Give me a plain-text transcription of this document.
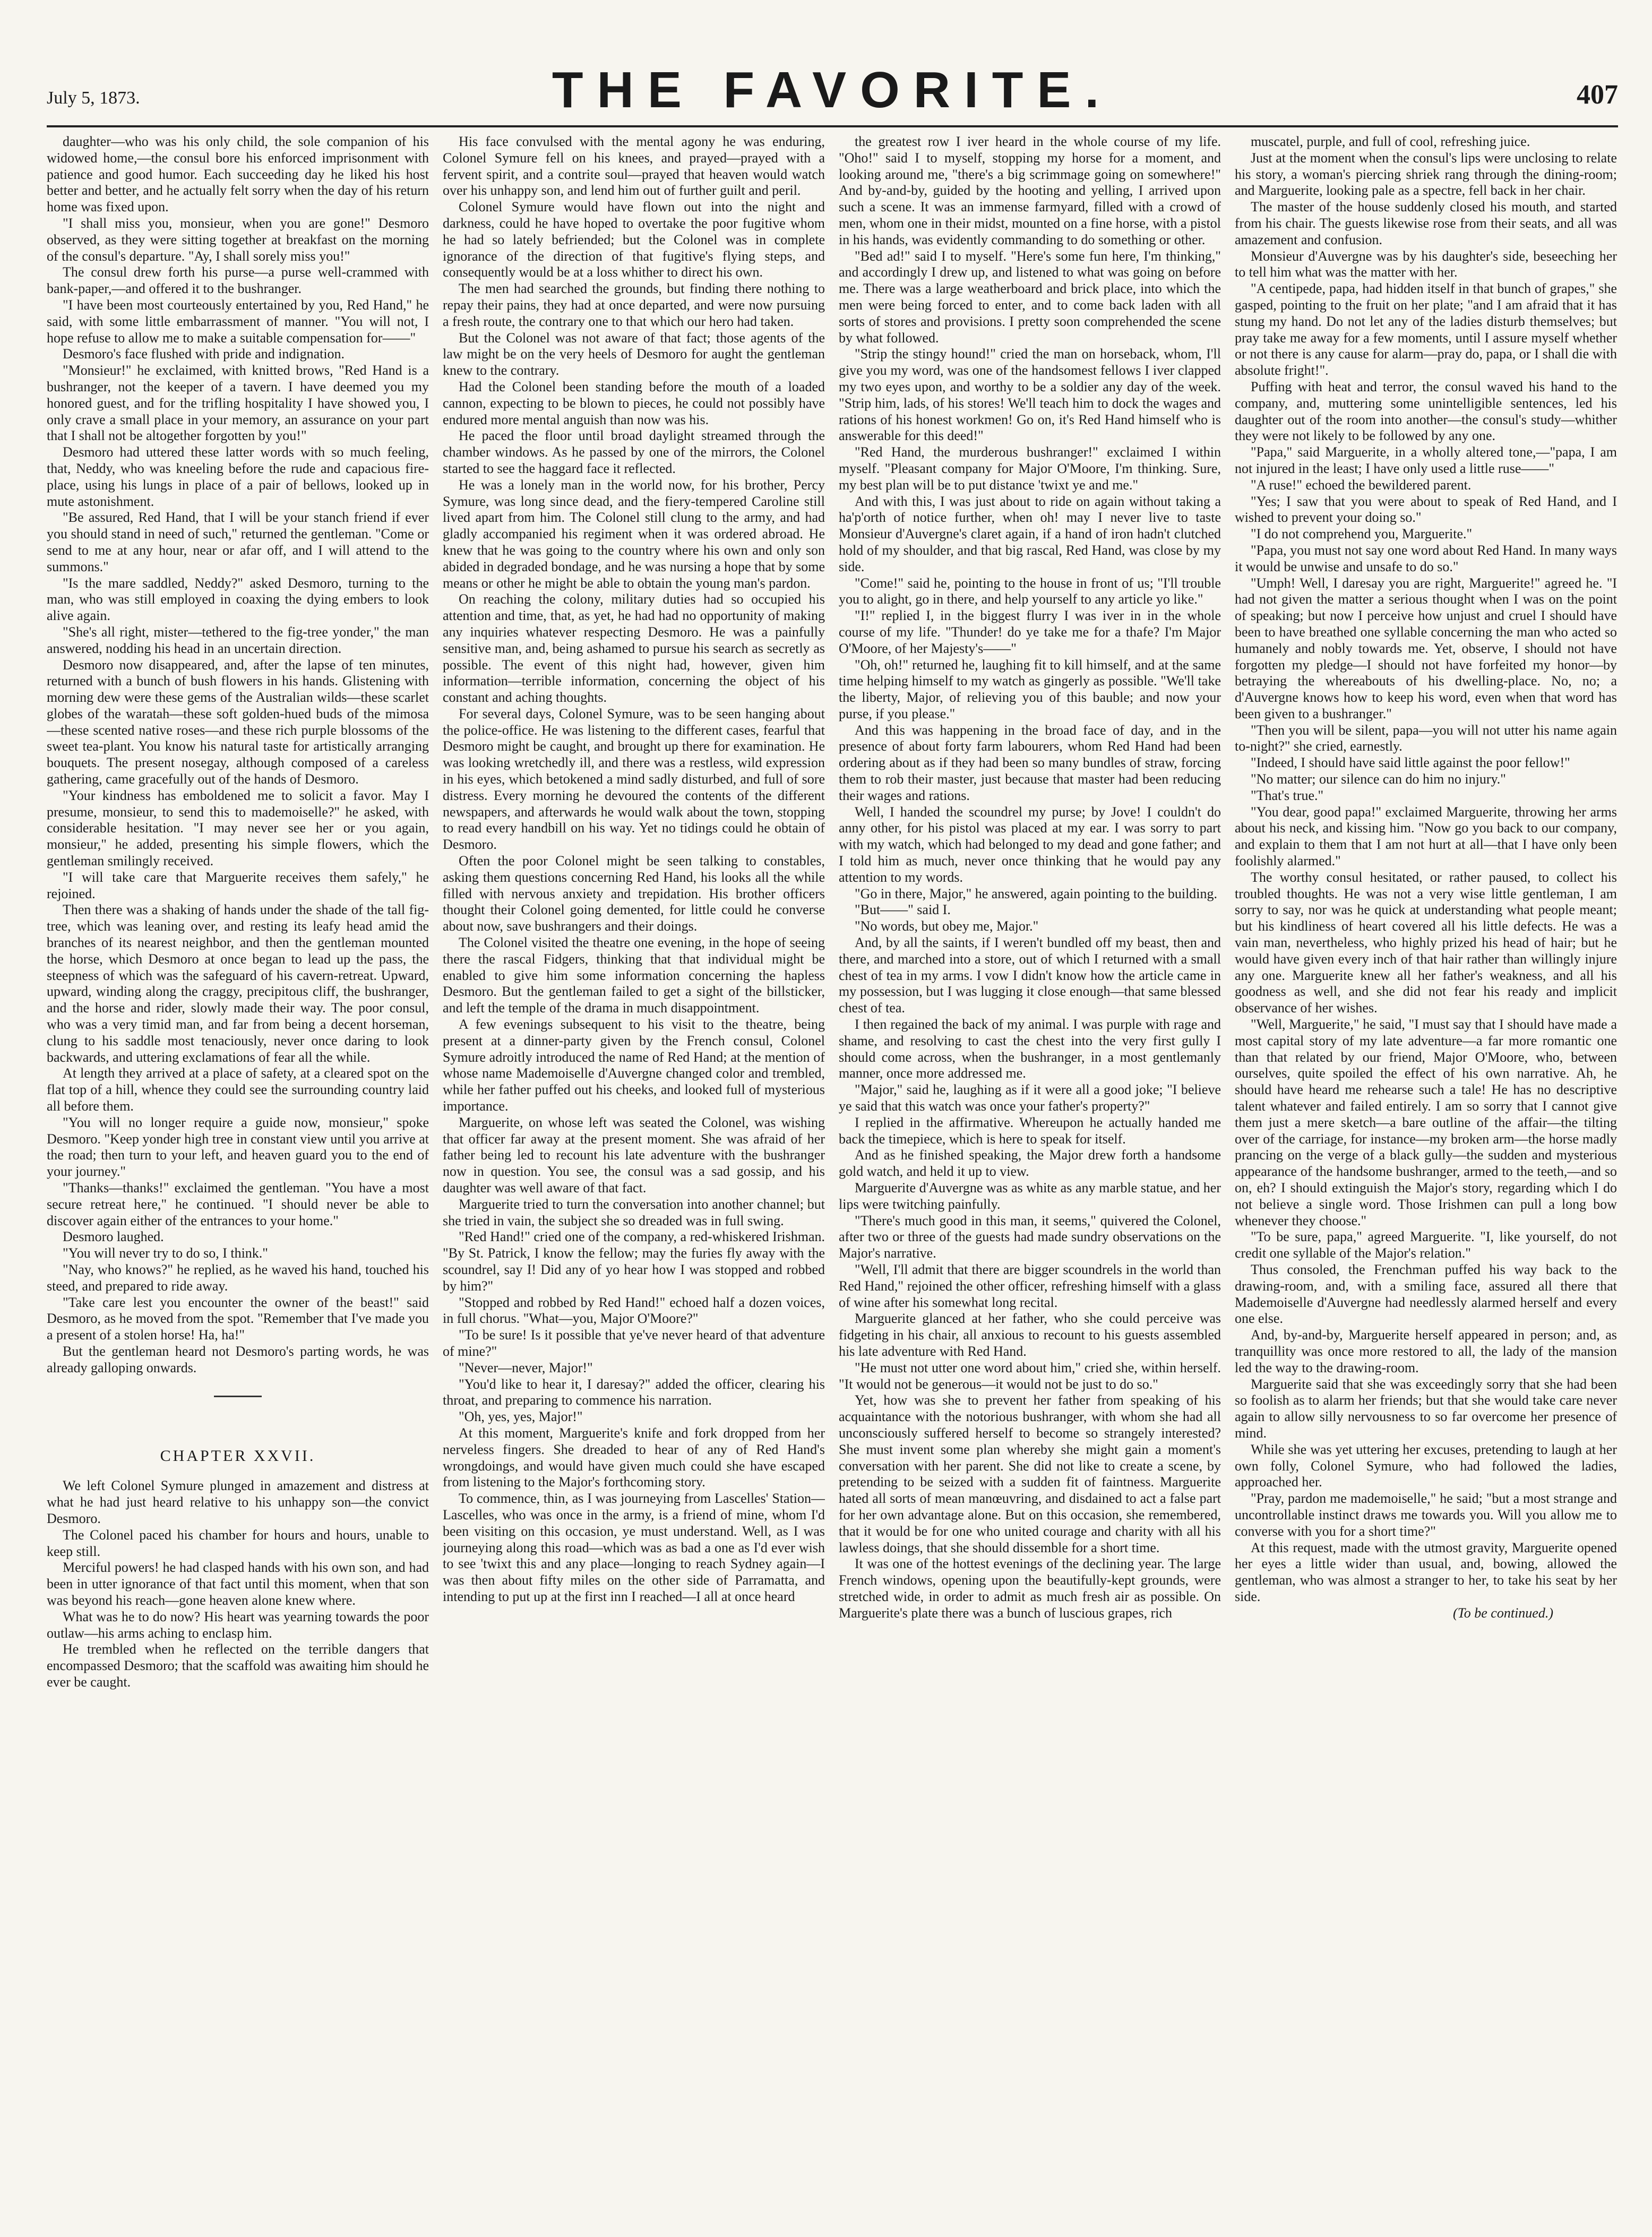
July 5, 1873.	THE FAVORITE.	407

daughter—who was his only child, the sole companion of his widowed home,—the consul bore his enforced imprisonment with patience and good humor. Each succeeding day he liked his host better and better, and he actually felt sorry when the day of his return home was fixed upon.

"I shall miss you, monsieur, when you are gone!" Desmoro observed, as they were sitting together at breakfast on the morning of the consul's departure. "Ay, I shall sorely miss you!"

The consul drew forth his purse—a purse well-crammed with bank-paper,—and offered it to the bushranger.

"I have been most courteously entertained by you, Red Hand," he said, with some little embarrassment of manner. "You will not, I hope refuse to allow me to make a suitable compensation for——"

Desmoro's face flushed with pride and indignation.

"Monsieur!" he exclaimed, with knitted brows, "Red Hand is a bushranger, not the keeper of a tavern. I have deemed you my honored guest, and for the trifling hospitality I have showed you, I only crave a small place in your memory, an assurance on your part that I shall not be altogether forgotten by you!"

Desmoro had uttered these latter words with so much feeling, that, Neddy, who was kneeling before the rude and capacious fire-place, using his lungs in place of a pair of bellows, looked up in mute astonishment.

"Be assured, Red Hand, that I will be your stanch friend if ever you should stand in need of such," returned the gentleman. "Come or send to me at any hour, near or afar off, and I will attend to the summons."

"Is the mare saddled, Neddy?" asked Desmoro, turning to the man, who was still employed in coaxing the dying embers to look alive again.

"She's all right, mister—tethered to the fig-tree yonder," the man answered, nodding his head in an uncertain direction.

Desmoro now disappeared, and, after the lapse of ten minutes, returned with a bunch of bush flowers in his hands. Glistening with morning dew were these gems of the Australian wilds—these scarlet globes of the waratah—these soft golden-hued buds of the mimosa—these scented native roses—and these rich purple blossoms of the sweet tea-plant. You know his natural taste for artistically arranging bouquets. The present nosegay, although composed of a careless gathering, came gracefully out of the hands of Desmoro.

"Your kindness has emboldened me to solicit a favor. May I presume, monsieur, to send this to mademoiselle?" he asked, with considerable hesitation. "I may never see her or you again, monsieur," he added, presenting his simple flowers, which the gentleman smilingly received.

"I will take care that Marguerite receives them safely," he rejoined.

Then there was a shaking of hands under the shade of the tall fig-tree, which was leaning over, and resting its leafy head amid the branches of its nearest neighbor, and then the gentleman mounted the horse, which Desmoro at once began to lead up the pass, the steepness of which was the safeguard of his cavern-retreat. Upward, upward, winding along the craggy, precipitous cliff, the bushranger, and the horse and rider, slowly made their way. The poor consul, who was a very timid man, and far from being a decent horseman, clung to his saddle most tenaciously, never once daring to look backwards, and uttering exclamations of fear all the while.

At length they arrived at a place of safety, at a cleared spot on the flat top of a hill, whence they could see the surrounding country laid all before them.

"You will no longer require a guide now, monsieur," spoke Desmoro. "Keep yonder high tree in constant view until you arrive at the road; then turn to your left, and heaven guard you to the end of your journey."

"Thanks—thanks!" exclaimed the gentleman. "You have a most secure retreat here," he continued. "I should never be able to discover again either of the entrances to your home."

Desmoro laughed.

"You will never try to do so, I think."

"Nay, who knows?" he replied, as he waved his hand, touched his steed, and prepared to ride away.

"Take care lest you encounter the owner of the beast!" said Desmoro, as he moved from the spot. "Remember that I've made you a present of a stolen horse! Ha, ha!"

But the gentleman heard not Desmoro's parting words, he was already galloping onwards.

CHAPTER XXVII.

We left Colonel Symure plunged in amazement and distress at what he had just heard relative to his unhappy son—the convict Desmoro.

The Colonel paced his chamber for hours and hours, unable to keep still.

Merciful powers! he had clasped hands with his own son, and had been in utter ignorance of that fact until this moment, when that son was beyond his reach—gone heaven alone knew where.

What was he to do now? His heart was yearning towards the poor outlaw—his arms aching to enclasp him.

He trembled when he reflected on the terrible dangers that encompassed Desmoro; that the scaffold was awaiting him should he ever be caught.

His face convulsed with the mental agony he was enduring, Colonel Symure fell on his knees, and prayed—prayed with a fervent spirit, and a contrite soul—prayed that heaven would watch over his unhappy son, and lend him out of further guilt and peril.

Colonel Symure would have flown out into the night and darkness, could he have hoped to overtake the poor fugitive whom he had so lately befriended; but the Colonel was in complete ignorance of the direction of that fugitive's flying steps, and consequently would be at a loss whither to direct his own.

The men had searched the grounds, but finding there nothing to repay their pains, they had at once departed, and were now pursuing a fresh route, the contrary one to that which our hero had taken.

But the Colonel was not aware of that fact; those agents of the law might be on the very heels of Desmoro for aught the gentleman knew to the contrary.

Had the Colonel been standing before the mouth of a loaded cannon, expecting to be blown to pieces, he could not possibly have endured more mental anguish than now was his.

He paced the floor until broad daylight streamed through the chamber windows. As he passed by one of the mirrors, the Colonel started to see the haggard face it reflected.

He was a lonely man in the world now, for his brother, Percy Symure, was long since dead, and the fiery-tempered Caroline still lived apart from him. The Colonel still clung to the army, and had gladly accompanied his regiment when it was ordered abroad. He knew that he was going to the country where his own and only son abided in degraded bondage, and he was nursing a hope that by some means or other he might be able to obtain the young man's pardon.

On reaching the colony, military duties had so occupied his attention and time, that, as yet, he had had no opportunity of making any inquiries whatever respecting Desmoro. He was a painfully sensitive man, and, being ashamed to pursue his search as secretly as possible. The event of this night had, however, given him information—terrible information, concerning the object of his constant and aching thoughts.

For several days, Colonel Symure, was to be seen hanging about the police-office. He was listening to the different cases, fearful that Desmoro might be caught, and brought up there for examination. He was looking wretchedly ill, and there was a restless, wild expression in his eyes, which betokened a mind sadly disturbed, and full of sore distress. Every morning he devoured the contents of the different newspapers, and afterwards he would walk about the town, stopping to read every handbill on his way. Yet no tidings could he obtain of Desmoro.

Often the poor Colonel might be seen talking to constables, asking them questions concerning Red Hand, his looks all the while filled with nervous anxiety and trepidation. His brother officers thought their Colonel going demented, for little could he converse about now, save bushrangers and their doings.

The Colonel visited the theatre one evening, in the hope of seeing there the rascal Fidgers, thinking that that individual might be enabled to give him some information concerning the hapless Desmoro. But the gentleman failed to get a sight of the billsticker, and left the temple of the drama in much disappointment.

A few evenings subsequent to his visit to the theatre, being present at a dinner-party given by the French consul, Colonel Symure adroitly introduced the name of Red Hand; at the mention of whose name Mademoiselle d'Auvergne changed color and trembled, while her father puffed out his cheeks, and looked full of mysterious importance.

Marguerite, on whose left was seated the Colonel, was wishing that officer far away at the present moment. She was afraid of her father being led to recount his late adventure with the bushranger now in question. You see, the consul was a sad gossip, and his daughter was well aware of that fact.

Marguerite tried to turn the conversation into another channel; but she tried in vain, the subject she so dreaded was in full swing.

"Red Hand!" cried one of the company, a red-whiskered Irishman. "By St. Patrick, I know the fellow; may the furies fly away with the scoundrel, say I! Did any of yo hear how I was stopped and robbed by him?"

"Stopped and robbed by Red Hand!" echoed half a dozen voices, in full chorus. "What—you, Major O'Moore?"

"To be sure! Is it possible that ye've never heard of that adventure of mine?"

"Never—never, Major!"

"You'd like to hear it, I daresay?" added the officer, clearing his throat, and preparing to commence his narration.

"Oh, yes, yes, Major!"

At this moment, Marguerite's knife and fork dropped from her nerveless fingers. She dreaded to hear of any of Red Hand's wrongdoings, and would have given much could she have escaped from listening to the Major's forthcoming story.

To commence, thin, as I was journeying from Lascelles' Station—Lascelles, who was once in the army, is a friend of mine, whom I'd been visiting on this occasion, ye must understand. Well, as I was journeying along this road—which was as bad a one as I'd ever wish to see 'twixt this and any place—longing to reach Sydney again—I was then about fifty miles on the other side of Parramatta, and intending to put up at the first inn I reached—I all at once heard

the greatest row I iver heard in the whole course of my life. "Oho!" said I to myself, stopping my horse for a moment, and looking around me, "there's a big scrimmage going on somewhere!" And by-and-by, guided by the hooting and yelling, I arrived upon such a scene. It was an immense farmyard, filled with a crowd of men, whom one in their midst, mounted on a fine horse, with a pistol in his hands, was evidently commanding to do something or other.

"Bed ad!" said I to myself. "Here's some fun here, I'm thinking," and accordingly I drew up, and listened to what was going on before me. There was a large weatherboard and brick place, into which the men were being forced to enter, and to come back laden with all sorts of stores and provisions. I pretty soon comprehended the scene by what followed.

"Strip the stingy hound!" cried the man on horseback, whom, I'll give you my word, was one of the handsomest fellows I iver clapped my two eyes upon, and worthy to be a soldier any day of the week. "Strip him, lads, of his stores! We'll teach him to dock the wages and rations of his honest workmen! Go on, it's Red Hand himself who is answerable for this deed!"

"Red Hand, the murderous bushranger!" exclaimed I within myself. "Pleasant company for Major O'Moore, I'm thinking. Sure, my best plan will be to put distance 'twixt ye and me."

And with this, I was just about to ride on again without taking a ha'p'orth of notice further, when oh! may I never live to taste Monsieur d'Auvergne's claret again, if a hand of iron hadn't clutched hold of my shoulder, and that big rascal, Red Hand, was close by my side.

"Come!" said he, pointing to the house in front of us; "I'll trouble you to alight, go in there, and help yourself to any article yo like."

"I!" replied I, in the biggest flurry I was iver in in the whole course of my life. "Thunder! do ye take me for a thafe? I'm Major O'Moore, of her Majesty's——"

"Oh, oh!" returned he, laughing fit to kill himself, and at the same time helping himself to my watch as gingerly as possible. "We'll take the liberty, Major, of relieving you of this bauble; and now your purse, if you please."

And this was happening in the broad face of day, and in the presence of about forty farm labourers, whom Red Hand had been ordering about as if they had been so many bundles of straw, forcing them to rob their master, just because that master had been reducing their wages and rations.

Well, I handed the scoundrel my purse; by Jove! I couldn't do anny other, for his pistol was placed at my ear. I was sorry to part with my watch, which had belonged to my dead and gone father; and I told him as much, never once thinking that he would pay any attention to my words.

"Go in there, Major," he answered, again pointing to the building.

"But——" said I.

"No words, but obey me, Major."

And, by all the saints, if I weren't bundled off my beast, then and there, and marched into a store, out of which I returned with a small chest of tea in my arms. I vow I didn't know how the article came in my possession, but I was lugging it close enough—that same blessed chest of tea.

I then regained the back of my animal. I was purple with rage and shame, and resolving to cast the chest into the very first gully I should come across, when the bushranger, in a most gentlemanly manner, once more addressed me.

"Major," said he, laughing as if it were all a good joke; "I believe ye said that this watch was once your father's property?"

I replied in the affirmative. Whereupon he actually handed me back the timepiece, which is here to speak for itself.

And as he finished speaking, the Major drew forth a handsome gold watch, and held it up to view.

Marguerite d'Auvergne was as white as any marble statue, and her lips were twitching painfully.

"There's much good in this man, it seems," quivered the Colonel, after two or three of the guests had made sundry observations on the Major's narrative.

"Well, I'll admit that there are bigger scoundrels in the world than Red Hand," rejoined the other officer, refreshing himself with a glass of wine after his somewhat long recital.

Marguerite glanced at her father, who she could perceive was fidgeting in his chair, all anxious to recount to his guests assembled his late adventure with Red Hand.

"He must not utter one word about him," cried she, within herself. "It would not be generous—it would not be just to do so."

Yet, how was she to prevent her father from speaking of his acquaintance with the notorious bushranger, with whom she had all unconsciously suffered herself to become so strangely interested? She must invent some plan whereby she might gain a moment's conversation with her parent. She did not like to create a scene, by pretending to be seized with a sudden fit of faintness. Marguerite hated all sorts of mean manœuvring, and disdained to act a false part for her own advantage alone. But on this occasion, she remembered, that it would be for one who united courage and charity with all his lawless doings, that she should dissemble for a short time.

It was one of the hottest evenings of the declining year. The large French windows, opening upon the beautifully-kept grounds, were stretched wide, in order to admit as much fresh air as possible. On Marguerite's plate there was a bunch of luscious grapes, rich

muscatel, purple, and full of cool, refreshing juice.

Just at the moment when the consul's lips were unclosing to relate his story, a woman's piercing shriek rang through the dining-room; and Marguerite, looking pale as a spectre, fell back in her chair.

The master of the house suddenly closed his mouth, and started from his chair. The guests likewise rose from their seats, and all was amazement and confusion.

Monsieur d'Auvergne was by his daughter's side, beseeching her to tell him what was the matter with her.

"A centipede, papa, had hidden itself in that bunch of grapes," she gasped, pointing to the fruit on her plate; "and I am afraid that it has stung my hand. Do not let any of the ladies disturb themselves; but pray take me away for a few moments, until I assure myself whether or not there is any cause for alarm—pray do, papa, or I shall die with absolute fright!".

Puffing with heat and terror, the consul waved his hand to the company, and, muttering some unintelligible sentences, led his daughter out of the room into another—the consul's study—whither they were not likely to be followed by any one.

"Papa," said Marguerite, in a wholly altered tone,—"papa, I am not injured in the least; I have only used a little ruse——"

"A ruse!" echoed the bewildered parent.

"Yes; I saw that you were about to speak of Red Hand, and I wished to prevent your doing so."

"I do not comprehend you, Marguerite."

"Papa, you must not say one word about Red Hand. In many ways it would be unwise and unsafe to do so."

"Umph! Well, I daresay you are right, Marguerite!" agreed he. "I had not given the matter a serious thought when I was on the point of speaking; but now I perceive how unjust and cruel I should have been to have breathed one syllable concerning the man who acted so humanely and nobly towards me. Yet, observe, I should not have forgotten my pledge—I should not have forfeited my honor—by betraying the whereabouts of his dwelling-place. No, no; a d'Auvergne knows how to keep his word, even when that word has been given to a bushranger."

"Then you will be silent, papa—you will not utter his name again to-night?" she cried, earnestly.

"Indeed, I should have said little against the poor fellow!"

"No matter; our silence can do him no injury."

"That's true."

"You dear, good papa!" exclaimed Marguerite, throwing her arms about his neck, and kissing him. "Now go you back to our company, and explain to them that I am not hurt at all—that I have only been foolishly alarmed."

The worthy consul hesitated, or rather paused, to collect his troubled thoughts. He was not a very wise little gentleman, I am sorry to say, nor was he quick at understanding what people meant; but his kindliness of heart covered all his little defects. He was a vain man, nevertheless, who highly prized his head of hair; but he would have given every inch of that hair rather than willingly injure any one. Marguerite knew all her father's weakness, and all his goodness as well, and she did not fear his ready and implicit observance of her wishes.

"Well, Marguerite," he said, "I must say that I should have made a most capital story of my late adventure—a far more romantic one than that related by our friend, Major O'Moore, who, between ourselves, quite spoiled the effect of his own narrative. Ah, he should have heard me rehearse such a tale! He has no descriptive talent whatever and failed entirely. I am so sorry that I cannot give them just a mere sketch—a bare outline of the affair—the tilting over of the carriage, for instance—my broken arm—the horse madly prancing on the verge of a black gully—the sudden and mysterious appearance of the handsome bushranger, armed to the teeth,—and so on, eh? I should extinguish the Major's story, regarding which I do not believe a single word. Those Irishmen can pull a long bow whenever they choose."

"To be sure, papa," agreed Marguerite. "I, like yourself, do not credit one syllable of the Major's relation."

Thus consoled, the Frenchman puffed his way back to the drawing-room, and, with a smiling face, assured all there that Mademoiselle d'Auvergne had needlessly alarmed herself and every one else.

And, by-and-by, Marguerite herself appeared in person; and, as tranquillity was once more restored to all, the lady of the mansion led the way to the drawing-room.

Marguerite said that she was exceedingly sorry that she had been so foolish as to alarm her friends; but that she would take care never again to allow silly nervousness to so far overcome her presence of mind.

While she was yet uttering her excuses, pretending to laugh at her own folly, Colonel Symure, who had followed the ladies, approached her.

"Pray, pardon me mademoiselle," he said; "but a most strange and uncontrollable instinct draws me towards you. Will you allow me to converse with you for a short time?"

At this request, made with the utmost gravity, Marguerite opened her eyes a little wider than usual, and, bowing, allowed the gentleman, who was almost a stranger to her, to take his seat by her side.

(To be continued.)
